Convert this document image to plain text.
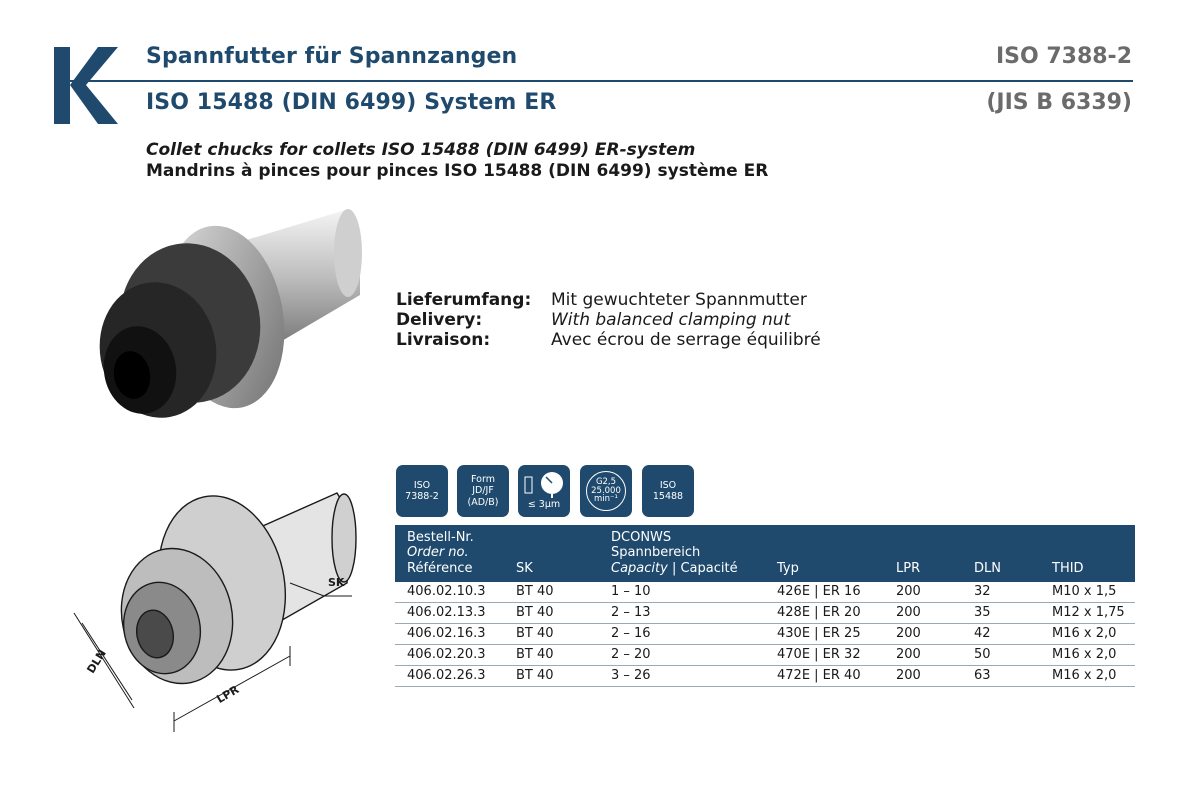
Spannfutter für Spannzangen	ISO 7388-2
ISO 15488 (DIN 6499) System ER	(JIS B 6339)
Collet chucks for collets ISO 15488 (DIN 6499) ER-system
Mandrins à pinces pour pinces ISO 15488 (DIN 6499) système ER
Lieferumfang: Mit gewuchteter Spannmutter
Delivery:	With balanced clamping nut
Livraison:	Avec écrou de serrage équilibré
ISO
7388-2
Form
JD/JF
(AD/B)	≤ 3µm
G2,5
25.000
min⁻¹
ISO
15488
DLN
LPR
SK
Bestell-Nr.
Order no.
Référence	SK
DCONWS
Spannbereich
Capacity | Capacité	Typ	LPR	DLN	THID
406.02.10.3 BT 40	1 – 10	426E | ER 16	200	32	M10 x 1,5
406.02.13.3 BT 40	2 – 13	428E | ER 20	200	35	M12 x 1,75
406.02.16.3 BT 40	2 – 16	430E | ER 25	200	42	M16 x 2,0
406.02.20.3 BT 40	2 – 20	470E | ER 32	200	50	M16 x 2,0
406.02.26.3 BT 40	3 – 26	472E | ER 40	200	63	M16 x 2,0
